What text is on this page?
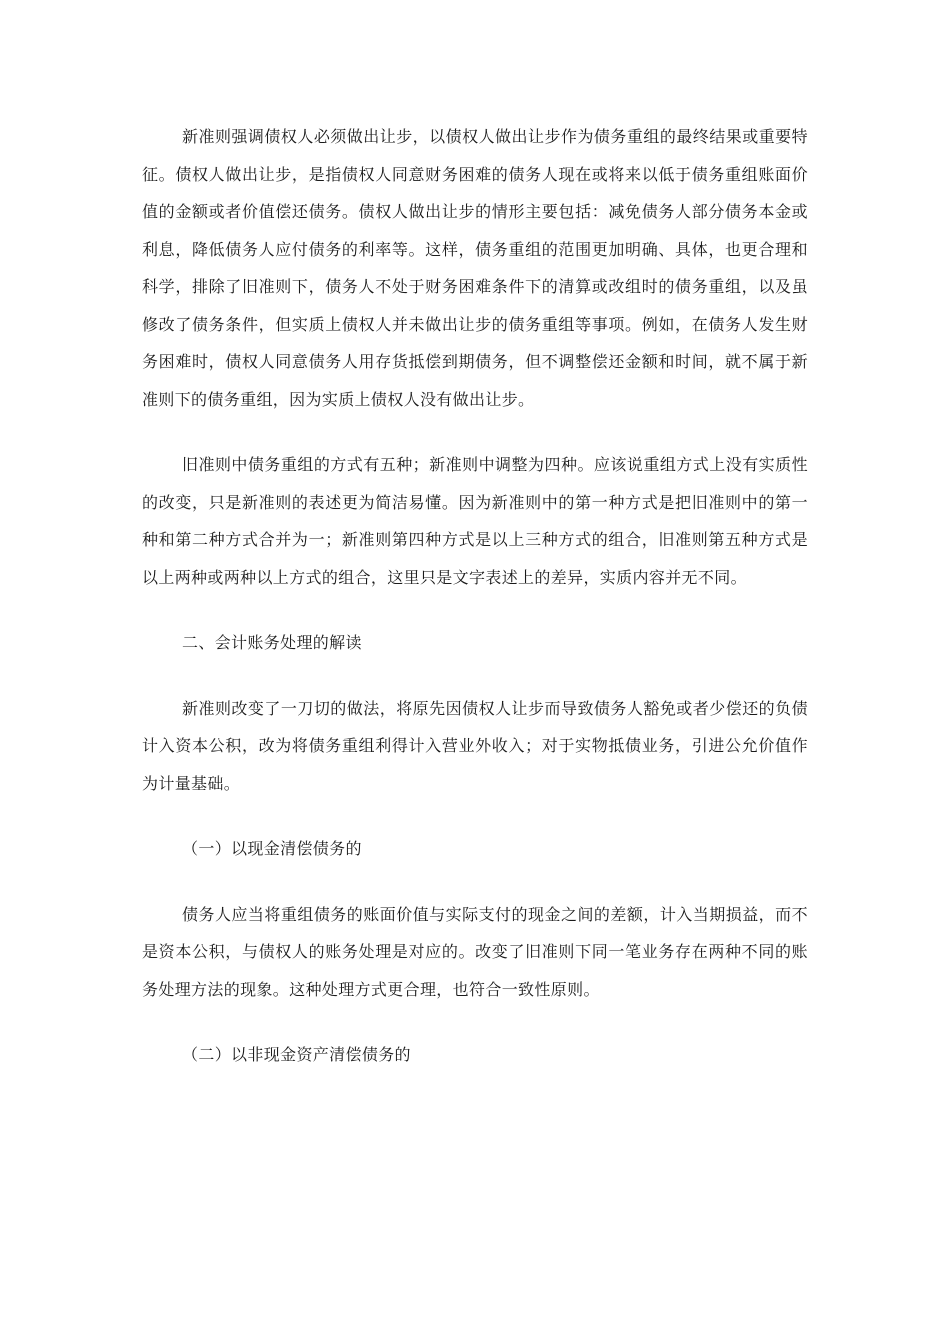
新准则强调债权人必须做出让步，以债权人做出让步作为债务重组的最终结果或重要特征。债权人做出让步，是指债权人同意财务困难的债务人现在或将来以低于债务重组账面价值的金额或者价值偿还债务。债权人做出让步的情形主要包括：减免债务人部分债务本金或利息，降低债务人应付债务的利率等。这样，债务重组的范围更加明确、具体，也更合理和科学，排除了旧准则下，债务人不处于财务困难条件下的清算或改组时的债务重组，以及虽修改了债务条件，但实质上债权人并未做出让步的债务重组等事项。例如，在债务人发生财务困难时，债权人同意债务人用存货抵偿到期债务，但不调整偿还金额和时间，就不属于新准则下的债务重组，因为实质上债权人没有做出让步。

旧准则中债务重组的方式有五种；新准则中调整为四种。应该说重组方式上没有实质性的改变，只是新准则的表述更为简洁易懂。因为新准则中的第一种方式是把旧准则中的第一种和第二种方式合并为一；新准则第四种方式是以上三种方式的组合，旧准则第五种方式是以上两种或两种以上方式的组合，这里只是文字表述上的差异，实质内容并无不同。

二、会计账务处理的解读

新准则改变了一刀切的做法，将原先因债权人让步而导致债务人豁免或者少偿还的负债计入资本公积，改为将债务重组利得计入营业外收入；对于实物抵债业务，引进公允价值作为计量基础。

（一）以现金清偿债务的

债务人应当将重组债务的账面价值与实际支付的现金之间的差额，计入当期损益，而不是资本公积，与债权人的账务处理是对应的。改变了旧准则下同一笔业务存在两种不同的账务处理方法的现象。这种处理方式更合理，也符合一致性原则。

（二）以非现金资产清偿债务的
